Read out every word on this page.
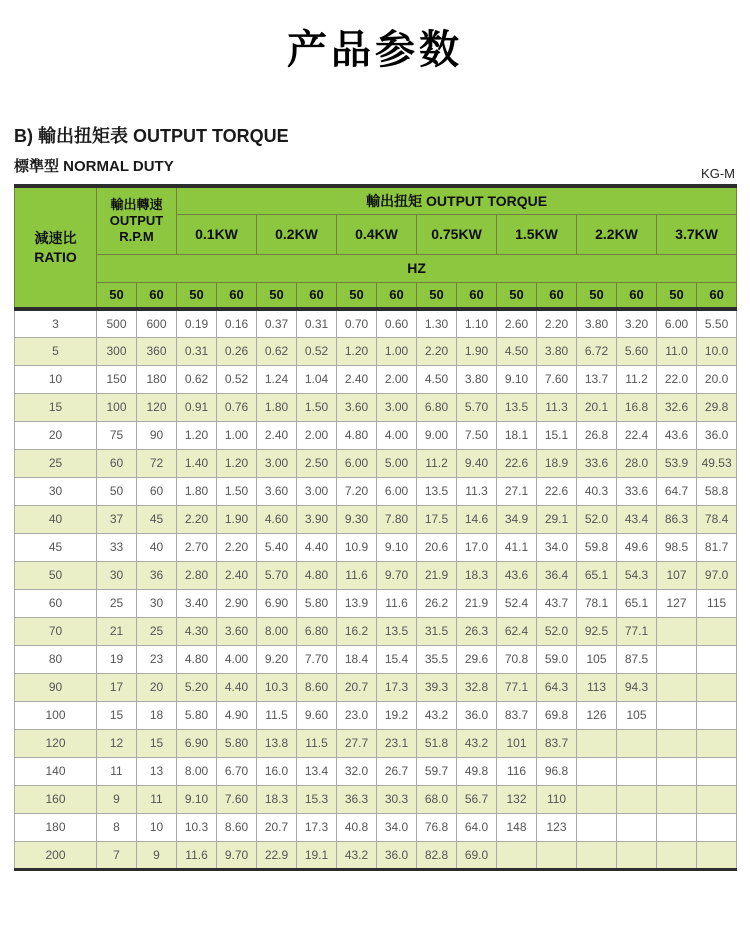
产品参数
B) 輸出扭矩表 OUTPUT TORQUE
標準型 NORMAL DUTY	KG-M
減速比
RATIO	輸出轉速
OUTPUT
R.P.M		輸出扭矩 OUTPUT TORQUE													
			0.1KW		0.2KW		0.4KW		0.75KW		1.5KW		2.2KW		3.7KW	
	HZ															
	50	60	50	60	50	60	50	60	50	60	50	60	50	60	50	60
3	500	600	0.19	0.16	0.37	0.31	0.70	0.60	1.30	1.10	2.60	2.20	3.80	3.20	6.00	5.50
5	300	360	0.31	0.26	0.62	0.52	1.20	1.00	2.20	1.90	4.50	3.80	6.72	5.60	11.0	10.0
10	150	180	0.62	0.52	1.24	1.04	2.40	2.00	4.50	3.80	9.10	7.60	13.7	11.2	22.0	20.0
15	100	120	0.91	0.76	1.80	1.50	3.60	3.00	6.80	5.70	13.5	11.3	20.1	16.8	32.6	29.8
20	75	90	1.20	1.00	2.40	2.00	4.80	4.00	9.00	7.50	18.1	15.1	26.8	22.4	43.6	36.0
25	60	72	1.40	1.20	3.00	2.50	6.00	5.00	11.2	9.40	22.6	18.9	33.6	28.0	53.9	49.53
30	50	60	1.80	1.50	3.60	3.00	7.20	6.00	13.5	11.3	27.1	22.6	40.3	33.6	64.7	58.8
40	37	45	2.20	1.90	4.60	3.90	9.30	7.80	17.5	14.6	34.9	29.1	52.0	43.4	86.3	78.4
45	33	40	2.70	2.20	5.40	4.40	10.9	9.10	20.6	17.0	41.1	34.0	59.8	49.6	98.5	81.7
50	30	36	2.80	2.40	5.70	4.80	11.6	9.70	21.9	18.3	43.6	36.4	65.1	54.3	107	97.0
60	25	30	3.40	2.90	6.90	5.80	13.9	11.6	26.2	21.9	52.4	43.7	78.1	65.1	127	115
70	21	25	4.30	3.60	8.00	6.80	16.2	13.5	31.5	26.3	62.4	52.0	92.5	77.1		
80	19	23	4.80	4.00	9.20	7.70	18.4	15.4	35.5	29.6	70.8	59.0	105	87.5		
90	17	20	5.20	4.40	10.3	8.60	20.7	17.3	39.3	32.8	77.1	64.3	113	94.3		
100	15	18	5.80	4.90	11.5	9.60	23.0	19.2	43.2	36.0	83.7	69.8	126	105		
120	12	15	6.90	5.80	13.8	11.5	27.7	23.1	51.8	43.2	101	83.7				
140	11	13	8.00	6.70	16.0	13.4	32.0	26.7	59.7	49.8	116	96.8				
160	9	11	9.10	7.60	18.3	15.3	36.3	30.3	68.0	56.7	132	110				
180	8	10	10.3	8.60	20.7	17.3	40.8	34.0	76.8	64.0	148	123				
200	7	9	11.6	9.70	22.9	19.1	43.2	36.0	82.8	69.0						
